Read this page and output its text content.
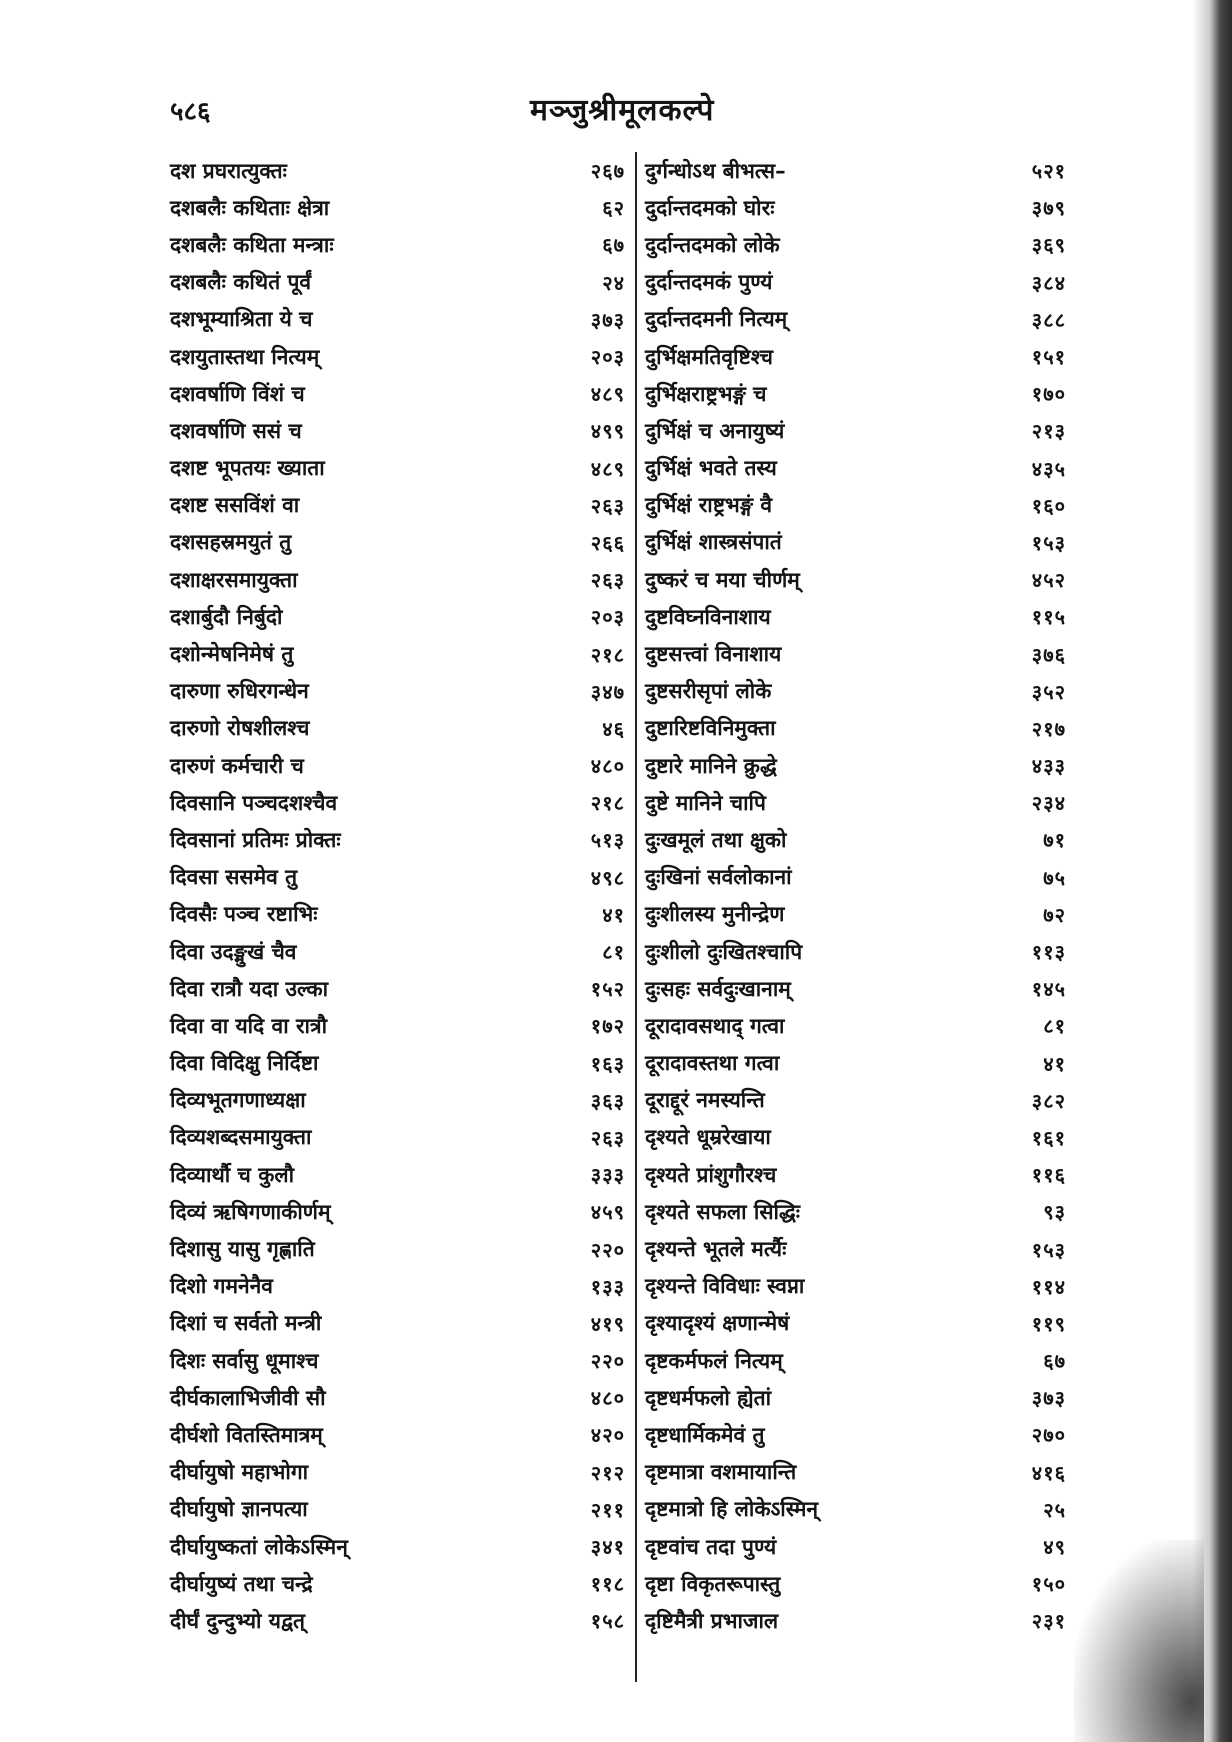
५८६	मञ्जुश्रीमूलकल्पे
दश प्रघरात्युक्तः	२६७
दशबलैः कथिताः क्षेत्रा	६२
दशबलैः कथिता मन्त्राः	६७
दशबलैः कथितं पूर्वं	२४
दशभूम्याश्रिता ये च	३७३
दशयुतास्तथा नित्यम्	२०३
दशवर्षाणि विंशं च	४८९
दशवर्षाणि ससं च	४९९
दशष्ट भूपतयः ख्याता	४८९
दशष्ट ससविंशं वा	२६३
दशसहस्रमयुतं तु	२६६
दशाक्षरसमायुक्ता	२६३
दशार्बुदौ निर्बुदो	२०३
दशोन्मेषनिमेषं तु	२१८
दारुणा रुधिरगन्धेन	३४७
दारुणो रोषशीलश्च	४६
दारुणं कर्मचारी च	४८०
दिवसानि पञ्चदशश्चैव	२१८
दिवसानां प्रतिमः प्रोक्तः	५१३
दिवसा ससमेव तु	४९८
दिवसैः पञ्च रष्टाभिः	४१
दिवा उदङ्मुखं चैव	८१
दिवा रात्रौ यदा उल्का	१५२
दिवा वा यदि वा रात्रौ	१७२
दिवा विदिक्षु निर्दिष्टा	१६३
दिव्यभूतगणाध्यक्षा	३६३
दिव्यशब्दसमायुक्ता	२६३
दिव्यार्थौ च कुलौ	३३३
दिव्यं ऋषिगणाकीर्णम्	४५९
दिशासु यासु गृह्णाति	२२०
दिशो गमनेनैव	१३३
दिशां च सर्वतो मन्त्री	४१९
दिशः सर्वासु धूमाश्च	२२०
दीर्घकालाभिजीवी सौ	४८०
दीर्घशो वितस्तिमात्रम्	४२०
दीर्घायुषो महाभोगा	२१२
दीर्घायुषो ज्ञानपत्या	२११
दीर्घायुष्कतां लोकेऽस्मिन्	३४१
दीर्घायुष्यं तथा चन्द्रे	११८
दीर्घं दुन्दुभ्यो यद्वत्	१५८
दुर्गन्धोऽथ बीभत्स–	५२१
दुर्दान्तदमको घोरः	३७९
दुर्दान्तदमको लोके	३६९
दुर्दान्तदमकं पुण्यं	३८४
दुर्दान्तदमनी नित्यम्	३८८
दुर्भिक्षमतिवृष्टिश्च	१५१
दुर्भिक्षराष्ट्रभङ्गं च	१७०
दुर्भिक्षं च अनायुष्यं	२१३
दुर्भिक्षं भवते तस्य	४३५
दुर्भिक्षं राष्ट्रभङ्गं वै	१६०
दुर्भिक्षं शास्त्रसंपातं	१५३
दुष्करं च मया चीर्णम्	४५२
दुष्टविघ्नविनाशाय	११५
दुष्टसत्त्वां विनाशाय	३७६
दुष्टसरीसृपां लोके	३५२
दुष्टारिष्टविनिमुक्ता	२१७
दुष्टारे मानिने क्रुद्धे	४३३
दुष्टे मानिने चापि	२३४
दुःखमूलं तथा क्षुको	७१
दुःखिनां सर्वलोकानां	७५
दुःशीलस्य मुनीन्द्रेण	७२
दुःशीलो दुःखितश्चापि	११३
दुःसहः सर्वदुःखानाम्	१४५
दूरादावसथाद् गत्वा	८१
दूरादावस्तथा गत्वा	४१
दूराद्दूरं नमस्यन्ति	३८२
दृश्यते धूम्ररेखाया	१६१
दृश्यते प्रांशुगौरश्च	११६
दृश्यते सफला सिद्धिः	९३
दृश्यन्ते भूतले मर्त्यैः	१५३
दृश्यन्ते विविधाः स्वप्ना	११४
दृश्यादृश्यं क्षणान्मेषं	११९
दृष्टकर्मफलं नित्यम्	६७
दृष्टधर्मफलो ह्येतां	३७३
दृष्टधार्मिकमेवं तु	२७०
दृष्टमात्रा वशमायान्ति	४१६
दृष्टमात्रो हि लोकेऽस्मिन्	२५
दृष्टवांच तदा पुण्यं	४९
दृष्टा विकृतरूपास्तु	१५०
दृष्टिमैत्री प्रभाजाल	२३१
